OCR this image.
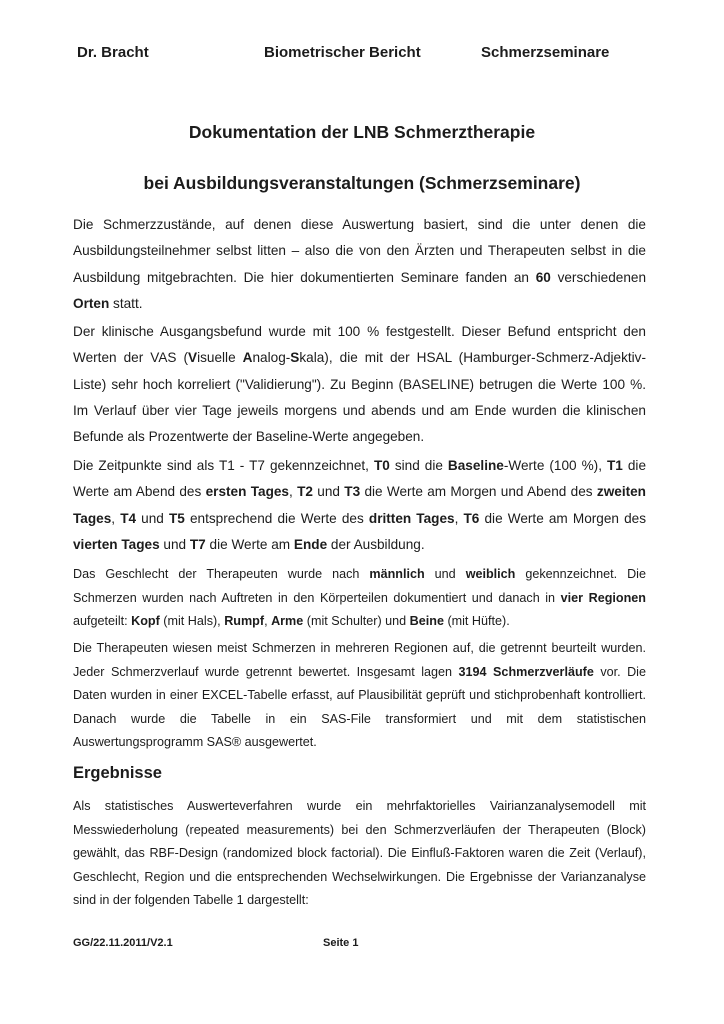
Dr. Bracht	Biometrischer Bericht	Schmerzseminare
Dokumentation der LNB Schmerztherapie
bei Ausbildungsveranstaltungen (Schmerzseminare)

Die Schmerzzustände, auf denen diese Auswertung basiert, sind die unter denen die Ausbildungsteilnehmer selbst litten – also die von den Ärzten und Therapeuten selbst in die Ausbildung mitgebrachten. Die hier dokumentierten Seminare fanden an 60 verschiedenen Orten statt.

Der klinische Ausgangsbefund wurde mit 100 % festgestellt. Dieser Befund entspricht den Werten der VAS (Visuelle Analog-Skala), die mit der HSAL (Hamburger-Schmerz-Adjektiv-Liste) sehr hoch korreliert ("Validierung"). Zu Beginn (BASELINE) betrugen die Werte 100 %. Im Verlauf über vier Tage jeweils morgens und abends und am Ende wurden die klinischen Befunde als Prozentwerte der Baseline-Werte angegeben.

Die Zeitpunkte sind als T1 - T7 gekennzeichnet, T0 sind die Baseline-Werte (100 %), T1 die Werte am Abend des ersten Tages, T2 und T3 die Werte am Morgen und Abend des zweiten Tages, T4 und T5 entsprechend die Werte des dritten Tages, T6 die Werte am Morgen des vierten Tages und T7 die Werte am Ende der Ausbildung.

Das Geschlecht der Therapeuten wurde nach männlich und weiblich gekennzeichnet. Die Schmerzen wurden nach Auftreten in den Körperteilen dokumentiert und danach in vier Regionen aufgeteilt: Kopf (mit Hals), Rumpf, Arme (mit Schulter) und Beine (mit Hüfte).

Die Therapeuten wiesen meist Schmerzen in mehreren Regionen auf, die getrennt beurteilt wurden. Jeder Schmerzverlauf wurde getrennt bewertet. Insgesamt lagen 3194 Schmerzverläufe vor. Die Daten wurden in einer EXCEL-Tabelle erfasst, auf Plausibilität geprüft und stichprobenhaft kontrolliert. Danach wurde die Tabelle in ein SAS-File transformiert und mit dem statistischen Auswertungsprogramm SAS® ausgewertet.

Ergebnisse

Als statistisches Auswerteverfahren wurde ein mehrfaktorielles Vairianzanalysemodell mit Messwiederholung (repeated measurements) bei den Schmerzverläufen der Therapeuten (Block) gewählt, das RBF-Design (randomized block factorial). Die Einfluß-Faktoren waren die Zeit (Verlauf), Geschlecht, Region und die entsprechenden Wechselwirkungen. Die Ergebnisse der Varianzanalyse sind in der folgenden Tabelle 1 dargestellt:

GG/22.11.2011/V2.1	Seite 1
